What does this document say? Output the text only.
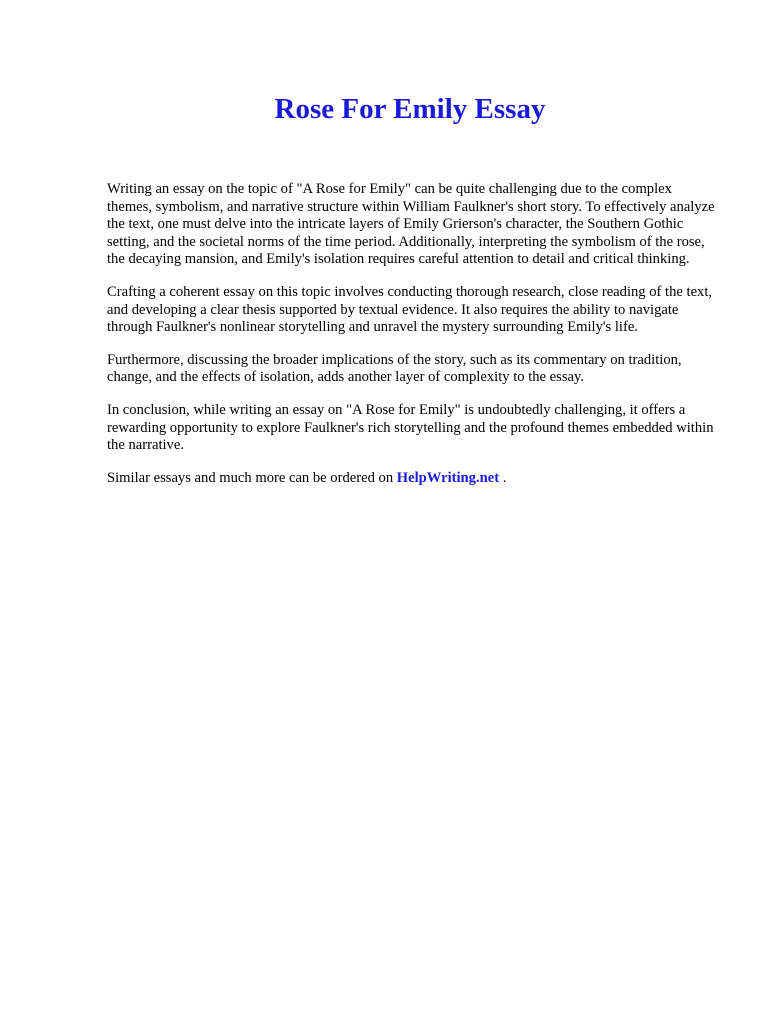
Rose For Emily Essay

Writing an essay on the topic of "A Rose for Emily" can be quite challenging due to the complex themes, symbolism, and narrative structure within William Faulkner's short story. To effectively analyze the text, one must delve into the intricate layers of Emily Grierson's character, the Southern Gothic setting, and the societal norms of the time period. Additionally, interpreting the symbolism of the rose, the decaying mansion, and Emily's isolation requires careful attention to detail and critical thinking.

Crafting a coherent essay on this topic involves conducting thorough research, close reading of the text, and developing a clear thesis supported by textual evidence. It also requires the ability to navigate through Faulkner's nonlinear storytelling and unravel the mystery surrounding Emily's life.

Furthermore, discussing the broader implications of the story, such as its commentary on tradition, change, and the effects of isolation, adds another layer of complexity to the essay.

In conclusion, while writing an essay on "A Rose for Emily" is undoubtedly challenging, it offers a rewarding opportunity to explore Faulkner's rich storytelling and the profound themes embedded within the narrative.

Similar essays and much more can be ordered on HelpWriting.net .
